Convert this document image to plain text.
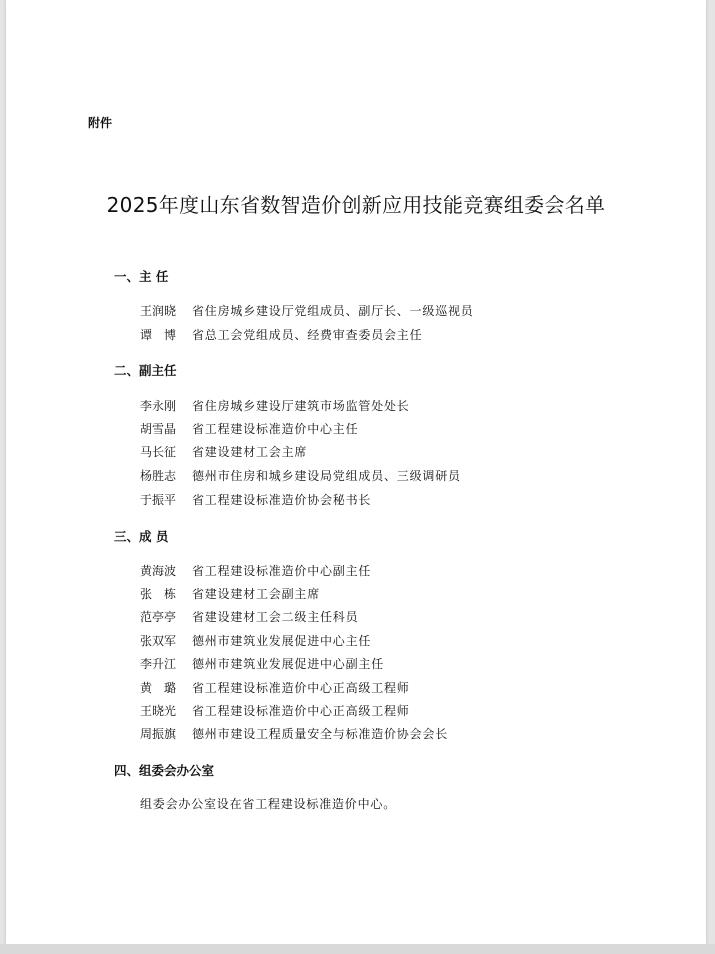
附件
2025年度山东省数智造价创新应用技能竞赛组委会名单
一、主 任
王润晓	省住房城乡建设厅党组成员、副厅长、一级巡视员
谭　博	省总工会党组成员、经费审查委员会主任
二、副主任
李永刚	省住房城乡建设厅建筑市场监管处处长
胡雪晶	省工程建设标准造价中心主任
马长征	省建设建材工会主席
杨胜志	德州市住房和城乡建设局党组成员、三级调研员
于振平	省工程建设标准造价协会秘书长
三、成 员
黄海波	省工程建设标准造价中心副主任
张　栋	省建设建材工会副主席
范亭亭	省建设建材工会二级主任科员
张双军	德州市建筑业发展促进中心主任
李升江	德州市建筑业发展促进中心副主任
黄　璐	省工程建设标准造价中心正高级工程师
王晓光	省工程建设标准造价中心正高级工程师
周振旗	德州市建设工程质量安全与标准造价协会会长
四、组委会办公室
组委会办公室设在省工程建设标准造价中心。
